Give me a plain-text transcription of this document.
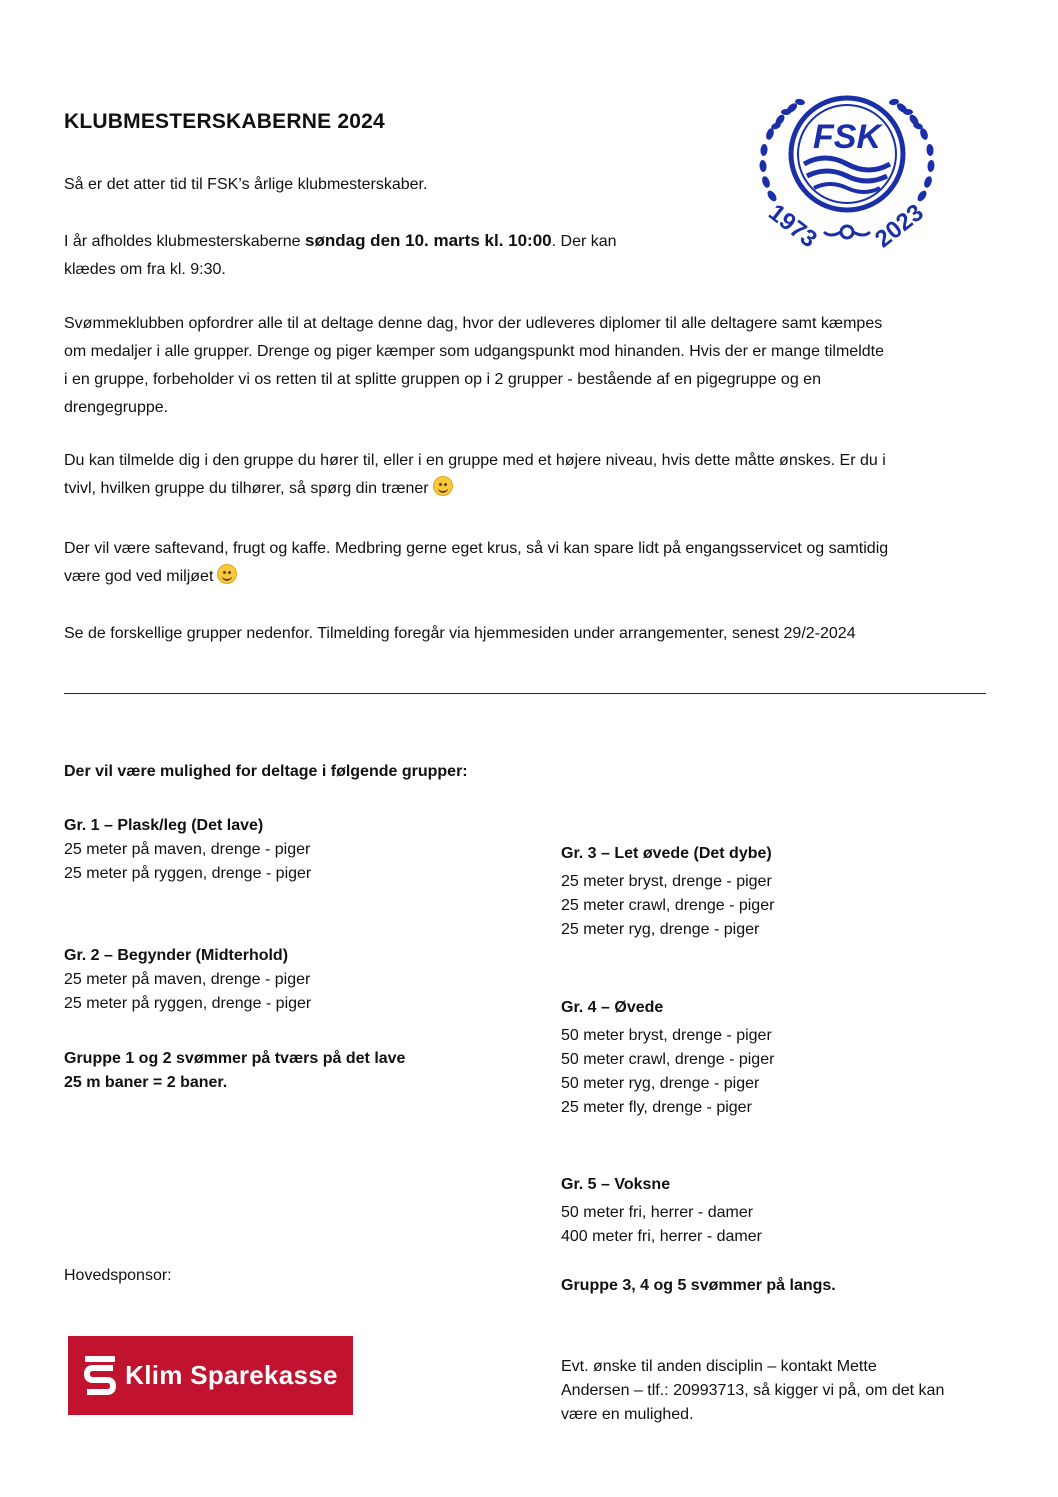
FSK
1973 2023
KLUBMESTERSKABERNE 2024
Så er det atter tid til FSK’s årlige klubmesterskaber.
I år afholdes klubmesterskaberne søndag den 10. marts kl. 10:00. Der kan
klædes om fra kl. 9:30.
Svømmeklubben opfordrer alle til at deltage denne dag, hvor der udleveres diplomer til alle deltagere samt kæmpes
om medaljer i alle grupper. Drenge og piger kæmper som udgangspunkt mod hinanden. Hvis der er mange tilmeldte
i en gruppe, forbeholder vi os retten til at splitte gruppen op i 2 grupper - bestående af en pigegruppe og en
drengegruppe.
Du kan tilmelde dig i den gruppe du hører til, eller i en gruppe med et højere niveau, hvis dette måtte ønskes. Er du i
tvivl, hvilken gruppe du tilhører, så spørg din træner
Der vil være saftevand, frugt og kaffe. Medbring gerne eget krus, så vi kan spare lidt på engangsservicet og samtidig
være god ved miljøet
Se de forskellige grupper nedenfor. Tilmelding foregår via hjemmesiden under arrangementer, senest 29/2-2024
Der vil være mulighed for deltage i følgende grupper:
Gr. 1 – Plask/leg (Det lave)
25 meter på maven, drenge - piger
25 meter på ryggen, drenge - piger
Gr. 2 – Begynder (Midterhold)
25 meter på maven, drenge - piger
25 meter på ryggen, drenge - piger
Gruppe 1 og 2 svømmer på tværs på det lave
25 m baner = 2 baner.
Gr. 3 – Let øvede (Det dybe)
25 meter bryst, drenge - piger
25 meter crawl, drenge - piger
25 meter ryg, drenge - piger
Gr. 4 – Øvede
50 meter bryst, drenge - piger
50 meter crawl, drenge - piger
50 meter ryg, drenge - piger
25 meter fly, drenge - piger
Gr. 5 – Voksne
50 meter fri, herrer - damer
400 meter fri, herrer - damer
Gruppe 3, 4 og 5 svømmer på langs.
Hovedsponsor:
Klim Sparekasse	Evt. ønske til anden disciplin – kontakt Mette
Andersen – tlf.: 20993713, så kigger vi på, om det kan
være en mulighed.
